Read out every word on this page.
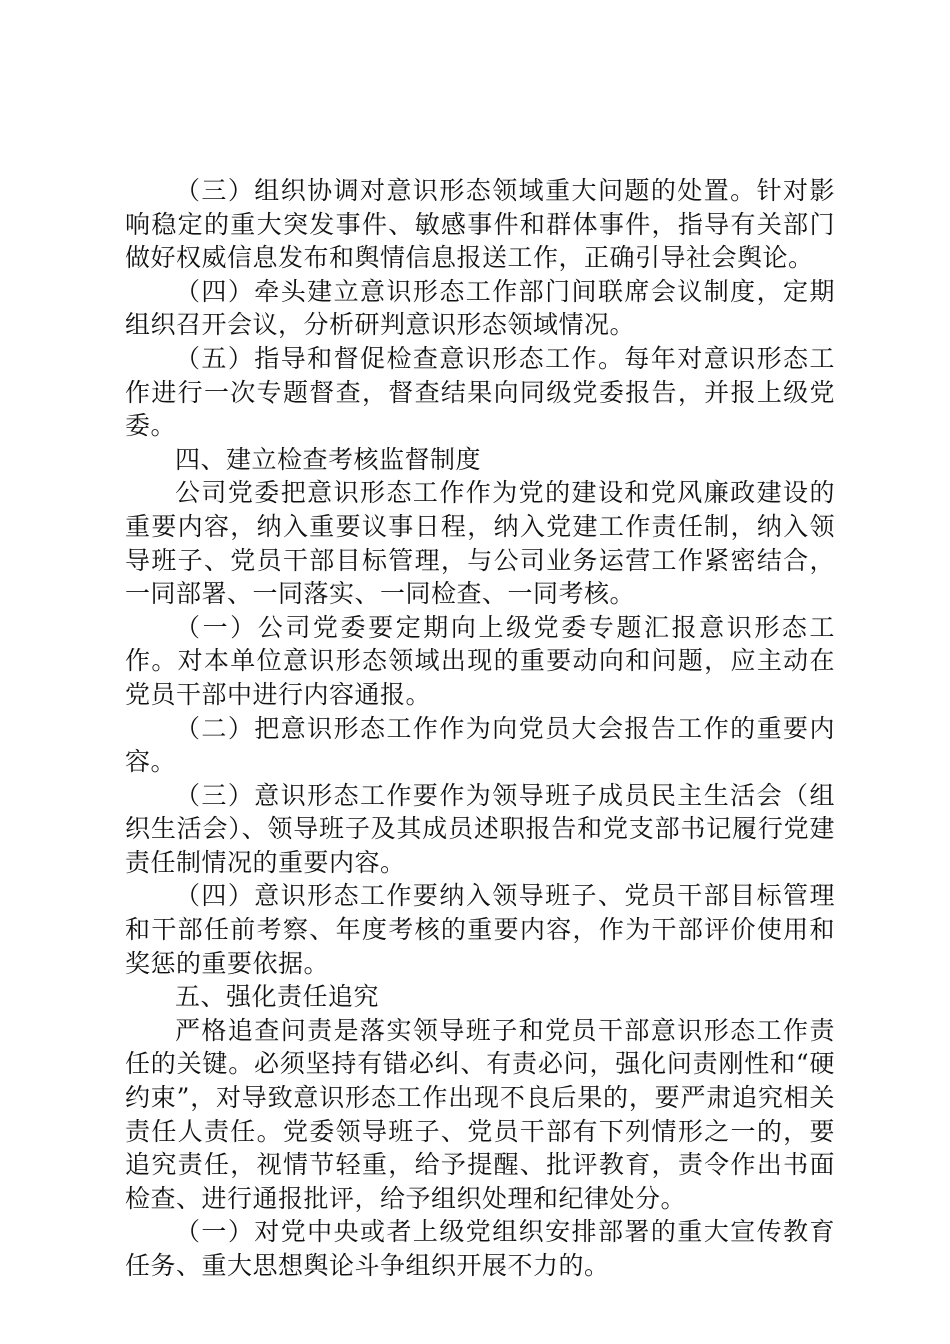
（三）组织协调对意识形态领域重大问题的处置。针对影响稳定的重大突发事件、敏感事件和群体事件，指导有关部门做好权威信息发布和舆情信息报送工作，正确引导社会舆论。

（四）牵头建立意识形态工作部门间联席会议制度，定期组织召开会议，分析研判意识形态领域情况。

（五）指导和督促检查意识形态工作。每年对意识形态工作进行一次专题督查，督查结果向同级党委报告，并报上级党委。

四、建立检查考核监督制度

公司党委把意识形态工作作为党的建设和党风廉政建设的重要内容，纳入重要议事日程，纳入党建工作责任制，纳入领导班子、党员干部目标管理，与公司业务运营工作紧密结合，一同部署、一同落实、一同检查、一同考核。

（一）公司党委要定期向上级党委专题汇报意识形态工作。对本单位意识形态领域出现的重要动向和问题，应主动在党员干部中进行内容通报。

（二）把意识形态工作作为向党员大会报告工作的重要内容。

（三）意识形态工作要作为领导班子成员民主生活会（组织生活会）、领导班子及其成员述职报告和党支部书记履行党建责任制情况的重要内容。

（四）意识形态工作要纳入领导班子、党员干部目标管理和干部任前考察、年度考核的重要内容，作为干部评价使用和奖惩的重要依据。

五、强化责任追究

严格追查问责是落实领导班子和党员干部意识形态工作责任的关键。必须坚持有错必纠、有责必问，强化问责刚性和“硬约束”，对导致意识形态工作出现不良后果的，要严肃追究相关责任人责任。党委领导班子、党员干部有下列情形之一的，要追究责任，视情节轻重，给予提醒、批评教育，责令作出书面检查、进行通报批评，给予组织处理和纪律处分。

（一）对党中央或者上级党组织安排部署的重大宣传教育任务、重大思想舆论斗争组织开展不力的。
